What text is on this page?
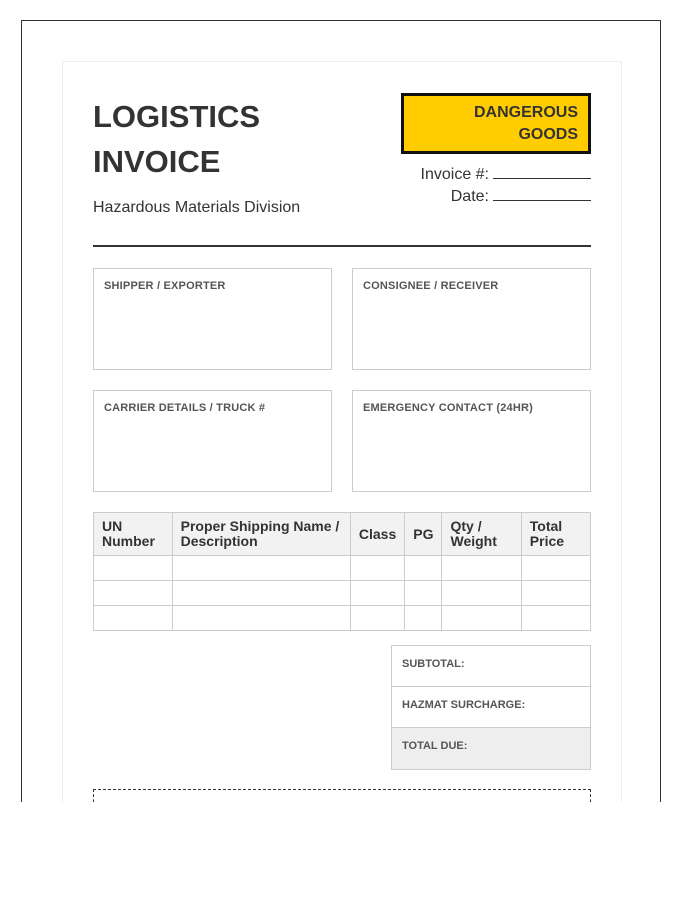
LOGISTICS
INVOICE
Hazardous Materials Division
DANGEROUS
GOODS
Invoice #:
Date:
SHIPPER / EXPORTER	CONSIGNEE / RECEIVER
CARRIER DETAILS / TRUCK #	EMERGENCY CONTACT (24HR)
UN Number	Proper Shipping Name / Description	Class	PG	Qty / Weight	Total Price

SUBTOTAL:
HAZMAT SURCHARGE:
TOTAL DUE:
